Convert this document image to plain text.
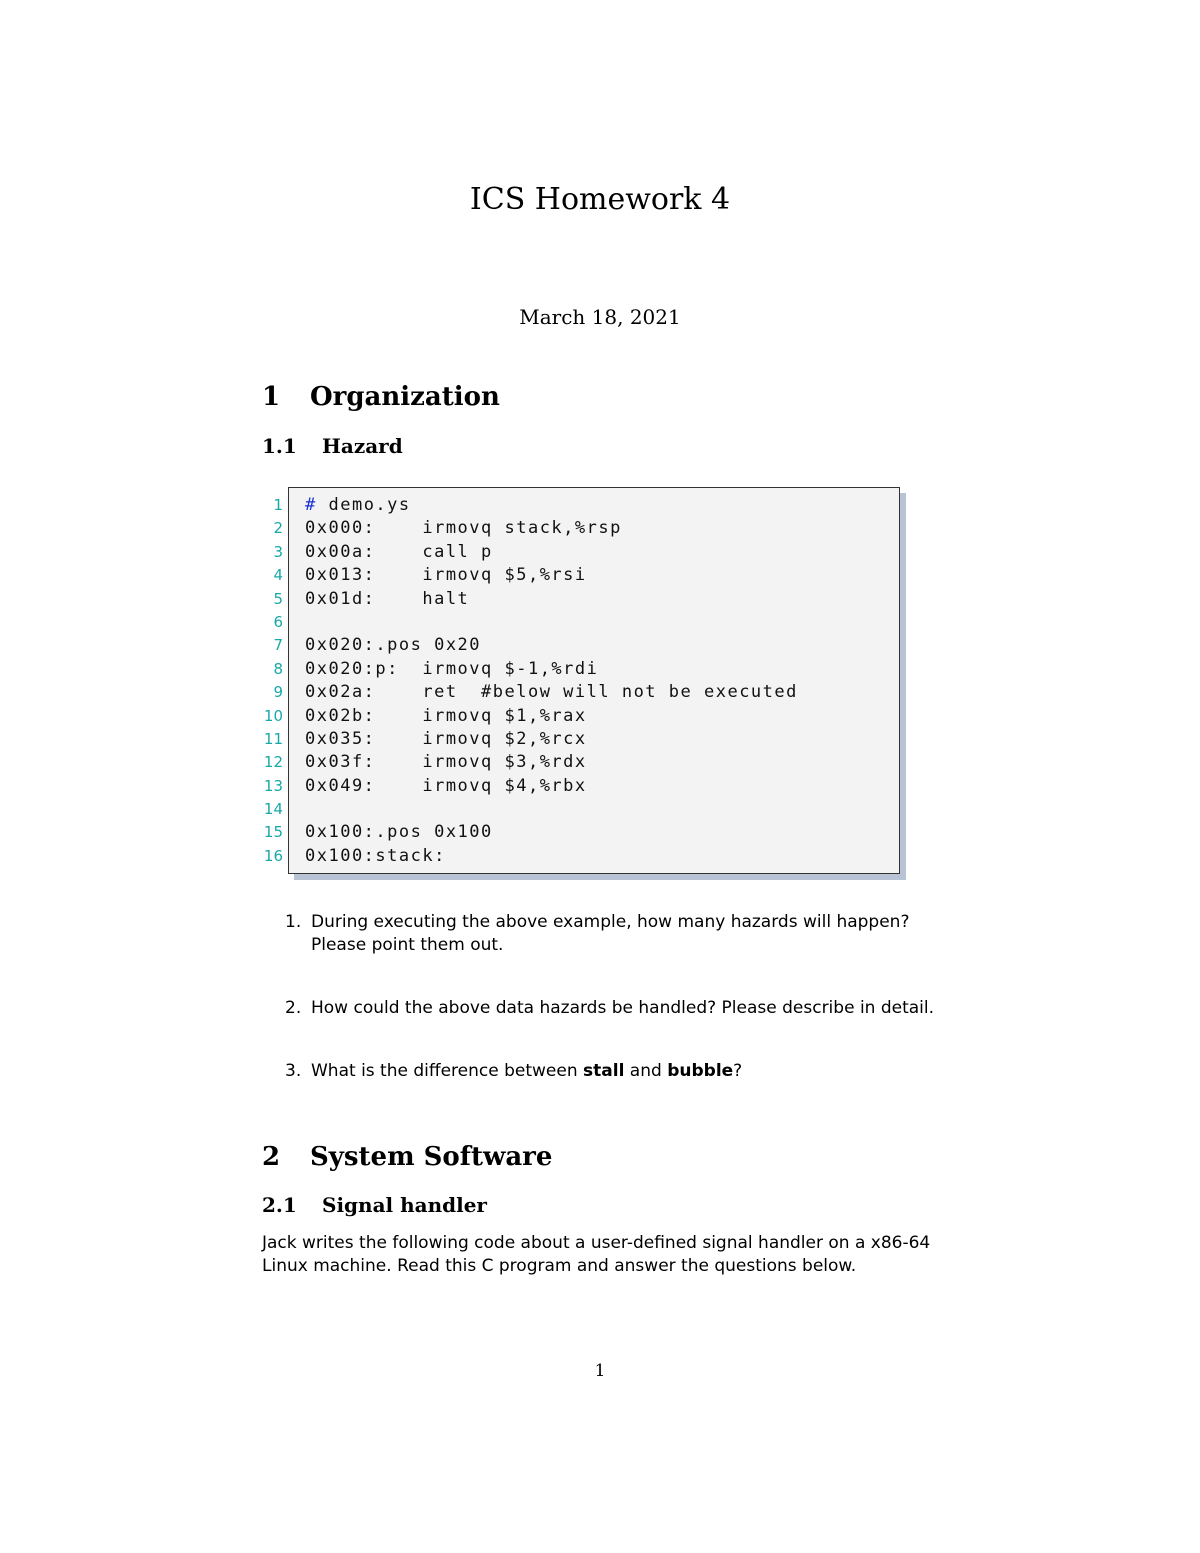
ICS Homework 4
March 18, 2021
1 Organization
1.1 Hazard
1 # demo.ys
2 0x000:    irmovq stack,%rsp
3 0x00a:    call p
4 0x013:    irmovq $5,%rsi
5 0x01d:    halt
6
7 0x020:.pos 0x20
8 0x020:p:  irmovq $-1,%rdi
9 0x02a:    ret  #below will not be executed
10 0x02b:    irmovq $1,%rax
11 0x035:    irmovq $2,%rcx
12 0x03f:    irmovq $3,%rdx
13 0x049:    irmovq $4,%rbx
14
15 0x100:.pos 0x100
16 0x100:stack:
1. During executing the above example, how many hazards will happen? Please point them out.
2. How could the above data hazards be handled? Please describe in detail.
3. What is the difference between stall and bubble?
2 System Software
2.1 Signal handler
Jack writes the following code about a user-defined signal handler on a x86-64 Linux machine. Read this C program and answer the questions below.
1
